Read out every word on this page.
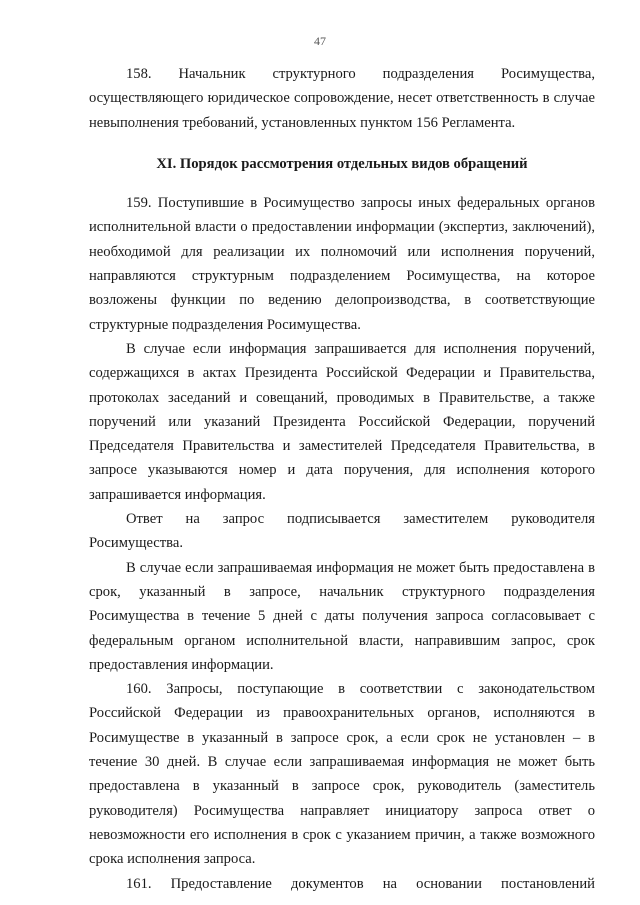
47

158. Начальник структурного подразделения Росимущества, осуществляющего юридическое сопровождение, несет ответственность в случае невыполнения требований, установленных пунктом 156 Регламента.

XI. Порядок рассмотрения отдельных видов обращений

159. Поступившие в Росимущество запросы иных федеральных органов исполнительной власти о предоставлении информации (экспертиз, заключений), необходимой для реализации их полномочий или исполнения поручений, направляются структурным подразделением Росимущества, на которое возложены функции по ведению делопроизводства, в соответствующие структурные подразделения Росимущества.

В случае если информация запрашивается для исполнения поручений, содержащихся в актах Президента Российской Федерации и Правительства, протоколах заседаний и совещаний, проводимых в Правительстве, а также поручений или указаний Президента Российской Федерации, поручений Председателя Правительства и заместителей Председателя Правительства, в запросе указываются номер и дата поручения, для исполнения которого запрашивается информация.

Ответ на запрос подписывается заместителем руководителя Росимущества.

В случае если запрашиваемая информация не может быть предоставлена в срок, указанный в запросе, начальник структурного подразделения Росимущества в течение 5 дней с даты получения запроса согласовывает с федеральным органом исполнительной власти, направившим запрос, срок предоставления информации.

160. Запросы, поступающие в соответствии с законодательством Российской Федерации из правоохранительных органов, исполняются в Росимуществе в указанный в запросе срок, а если срок не установлен – в течение 30 дней. В случае если запрашиваемая информация не может быть предоставлена в указанный в запросе срок, руководитель (заместитель руководителя) Росимущества направляет инициатору запроса ответ о невозможности его исполнения в срок с указанием причин, а также возможного срока исполнения запроса.

161. Предоставление документов на основании постановлений
